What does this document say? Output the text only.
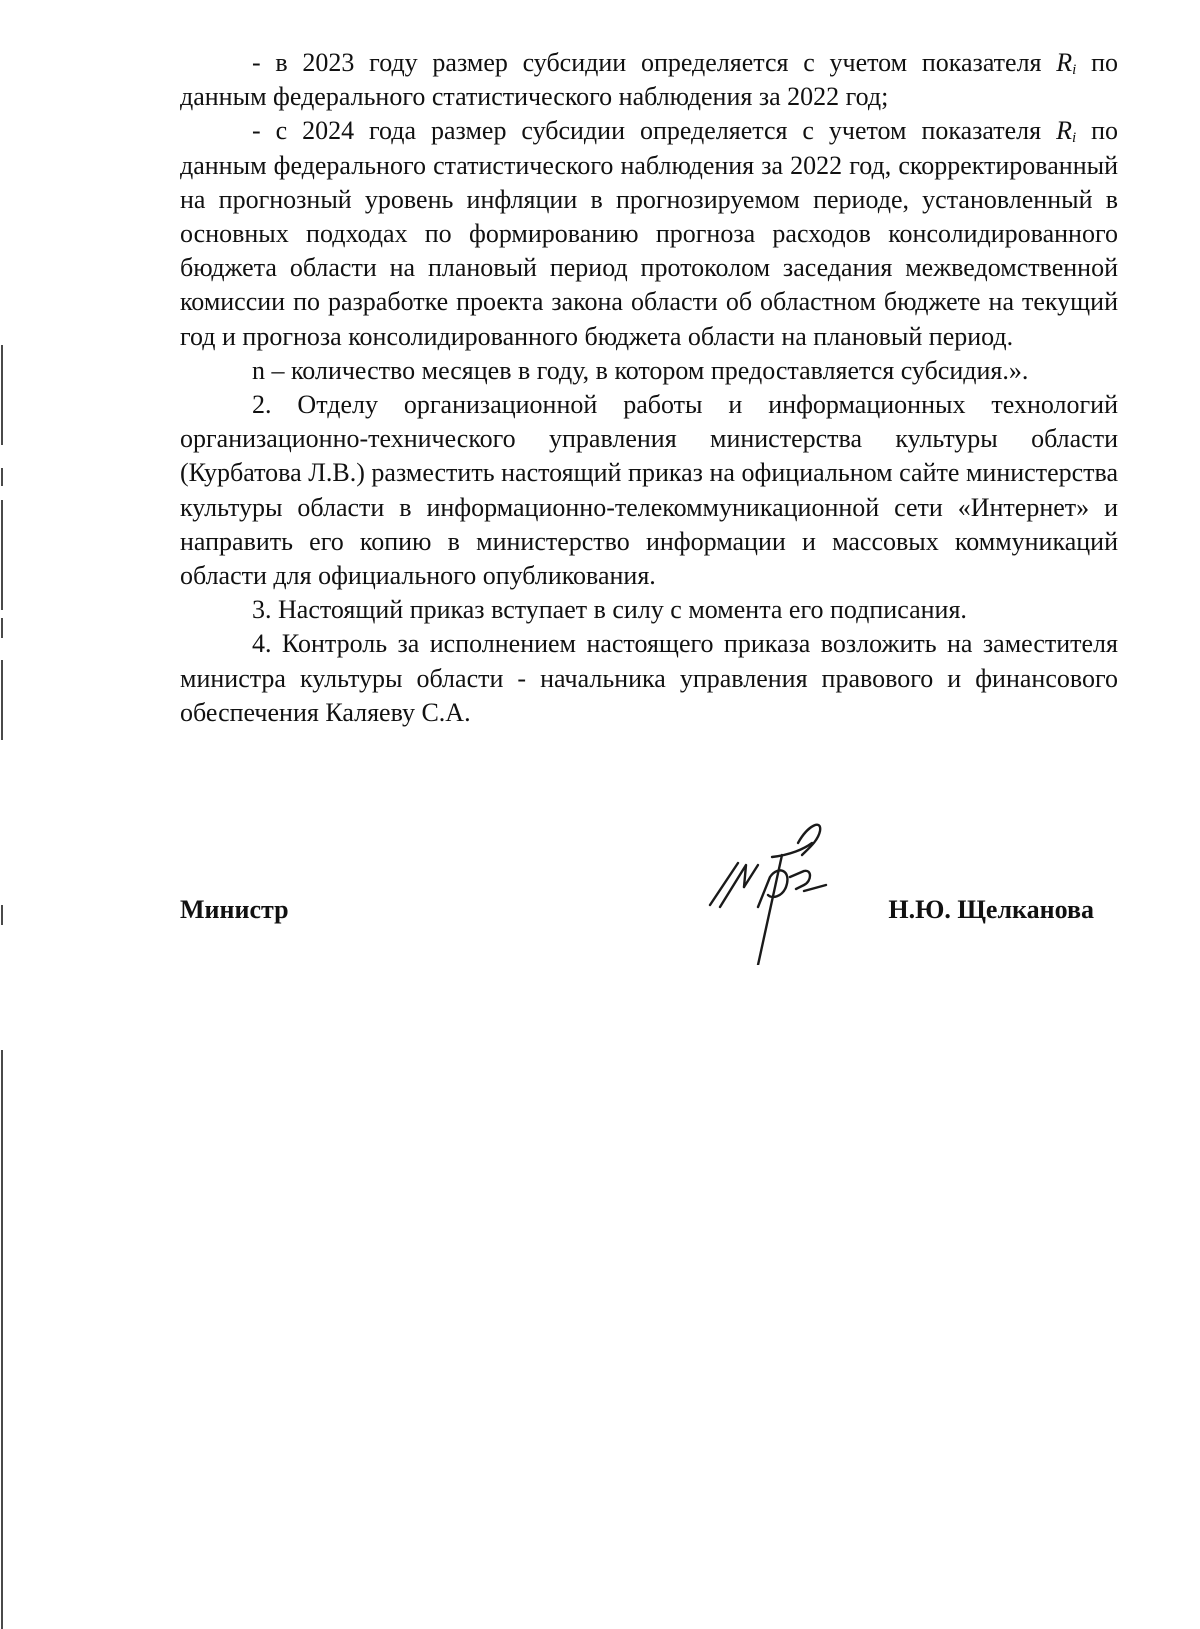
- в 2023 году размер субсидии определяется с учетом показателя $R_i$ по данным федерального статистического наблюдения за 2022 год;

- с 2024 года размер субсидии определяется с учетом показателя $R_i$ по данным федерального статистического наблюдения за 2022 год, скорректированный на прогнозный уровень инфляции в прогнозируемом периоде, установленный в основных подходах по формированию прогноза расходов консолидированного бюджета области на плановый период протоколом заседания межведомственной комиссии по разработке проекта закона области об областном бюджете на текущий год и прогноза консолидированного бюджета области на плановый период.

n – количество месяцев в году, в котором предоставляется субсидия.».

2. Отделу организационной работы и информационных технологий организационно-технического управления министерства культуры области (Курбатова Л.В.) разместить настоящий приказ на официальном сайте министерства культуры области в информационно-телекоммуникационной сети «Интернет» и направить его копию в министерство информации и массовых коммуникаций области для официального опубликования.

3. Настоящий приказ вступает в силу с момента его подписания.

4. Контроль за исполнением настоящего приказа возложить на заместителя министра культуры области - начальника управления правового и финансового обеспечения Каляеву С.А.

Министр	Н.Ю. Щелканова
